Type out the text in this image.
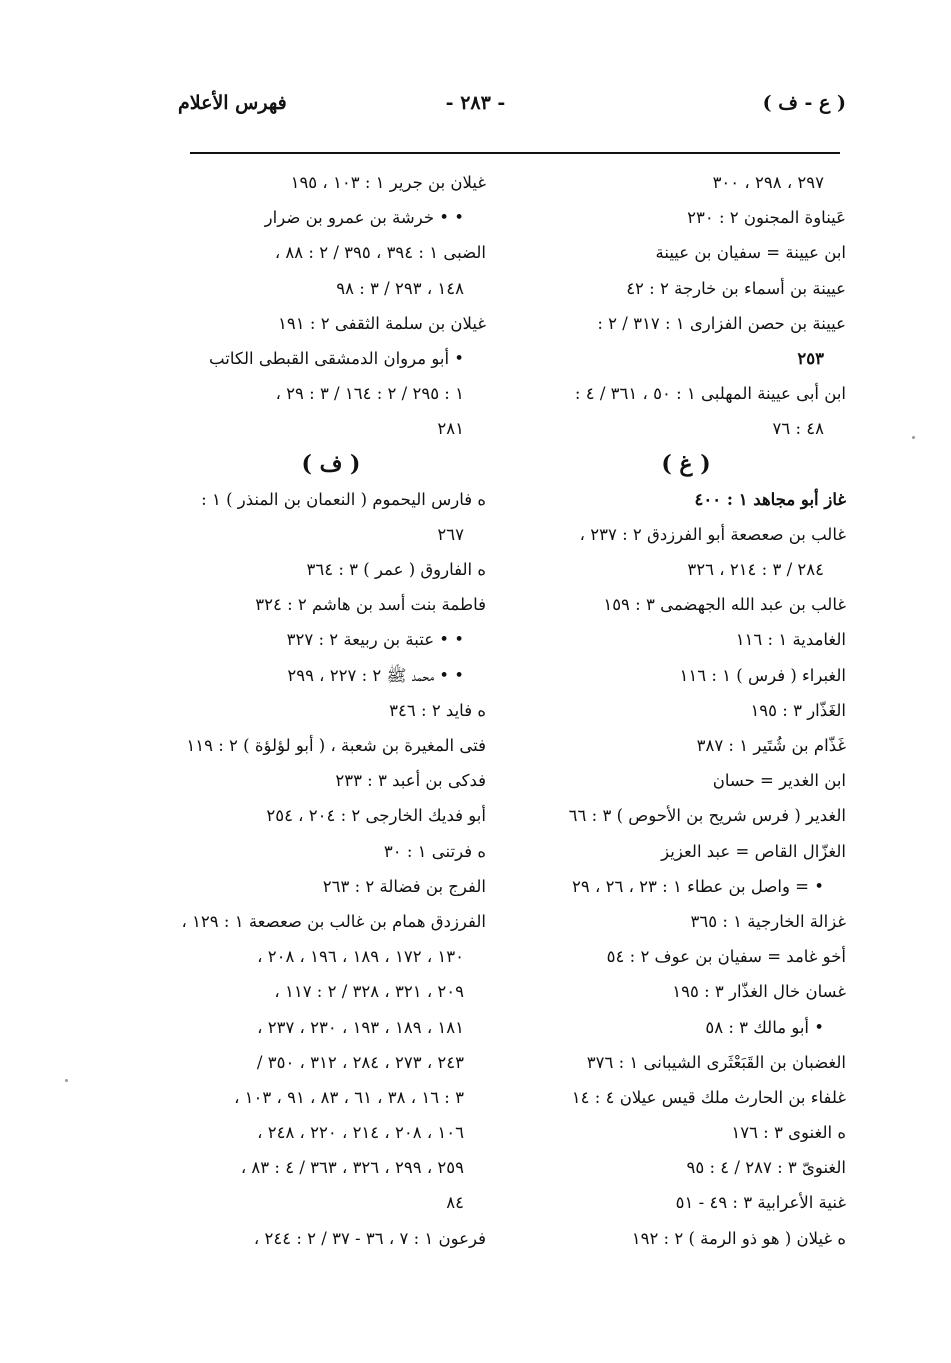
فهرس الأعلام	- ٢٨٣ -	( ع - ف )
٢٩٧ ، ٢٩٨ ، ٣٠٠
عَيناوة المجنون ٢ : ٢٣٠
ابن عيينة = سفيان بن عيينة
عيينة بن أسماء بن خارجة ٢ : ٤٢
عيينة بن حصن الفزارى ١ : ٣١٧ / ٢ :
٢٥٣
ابن أبى عيينة المهلبى ١ : ٥٠ ، ٣٦١ / ٤ :
٤٨ : ٧٦
( غ )
غاز أبو مجاهد ١ : ٤٠٠
غالب بن صعصعة أبو الفرزدق ٢ : ٢٣٧ ،
٢٨٤ / ٣ : ٢١٤ ، ٣٢٦
غالب بن عبد الله الجهضمى ٣ : ١٥٩
الغامدية ١ : ١١٦
الغبراء ( فرس ) ١ : ١١٦
الغَذّار ٣ : ١٩٥
غَذّام بن شُتَير ١ : ٣٨٧
ابن الغدير = حسان
الغدير ( فرس شريح بن الأحوص ) ٣ : ٦٦
الغزّال القاص = عبد العزيز
• = واصل بن عطاء ١ : ٢٣ ، ٢٦ ، ٢٩
غزالة الخارجية ١ : ٣٦٥
أخو غامد = سفيان بن عوف ٢ : ٥٤
غسان خال الغذّار ٣ : ١٩٥
• أبو مالك ٣ : ٥٨
الغضبان بن القَبَعْثَرى الشيبانى ١ : ٣٧٦
غلفاء بن الحارث ملك قيس عيلان ٤ : ١٤
ه الغنوى ٣ : ١٧٦
الغنوىّ ٣ : ٢٨٧ / ٤ : ٩٥
غنية الأعرابية ٣ : ٤٩ - ٥١
ه غيلان ( هو ذو الرمة ) ٢ : ١٩٢
غيلان بن جرير ١ : ١٠٣ ، ١٩٥
• • خرشة بن عمرو بن ضرار
الضبى ١ : ٣٩٤ ، ٣٩٥ / ٢ : ٨٨ ،
١٤٨ ، ٢٩٣ / ٣ : ٩٨
غيلان بن سلمة الثقفى ٢ : ١٩١
• أبو مروان الدمشقى القبطى الكاتب
١ : ٢٩٥ / ٢ : ١٦٤ / ٣ : ٢٩ ،
٢٨١
( ف )
ه فارس اليحموم ( النعمان بن المنذر ) ١ :
٢٦٧
ه الفاروق ( عمر ) ٣ : ٣٦٤
فاطمة بنت أسد بن هاشم ٢ : ٣٢٤
• • عتبة بن ربيعة ٢ : ٣٢٧
• • محمد ﷺ ٢ : ٢٢٧ ، ٢٩٩
ه فايد ٢ : ٣٤٦
فتى المغيرة بن شعبة ، ( أبو لؤلؤة ) ٢ : ١١٩
فدكى بن أعبد ٣ : ٢٣٣
أبو فديك الخارجى ٢ : ٢٠٤ ، ٢٥٤
ه فرتنى ١ : ٣٠
الفرج بن فضالة ٢ : ٢٦٣
الفرزدق همام بن غالب بن صعصعة ١ : ١٢٩ ،
١٣٠ ، ١٧٢ ، ١٨٩ ، ١٩٦ ، ٢٠٨ ،
٢٠٩ ، ٣٢١ ، ٣٢٨ / ٢ : ١١٧ ،
١٨١ ، ١٨٩ ، ١٩٣ ، ٢٣٠ ، ٢٣٧ ،
٢٤٣ ، ٢٧٣ ، ٢٨٤ ، ٣١٢ ، ٣٥٠ /
٣ : ١٦ ، ٣٨ ، ٦١ ، ٨٣ ، ٩١ ، ١٠٣ ،
١٠٦ ، ٢٠٨ ، ٢١٤ ، ٢٢٠ ، ٢٤٨ ،
٢٥٩ ، ٢٩٩ ، ٣٢٦ ، ٣٦٣ / ٤ : ٨٣ ،
٨٤
فرعون ١ : ٧ ، ٣٦ - ٣٧ / ٢ : ٢٤٤ ،
